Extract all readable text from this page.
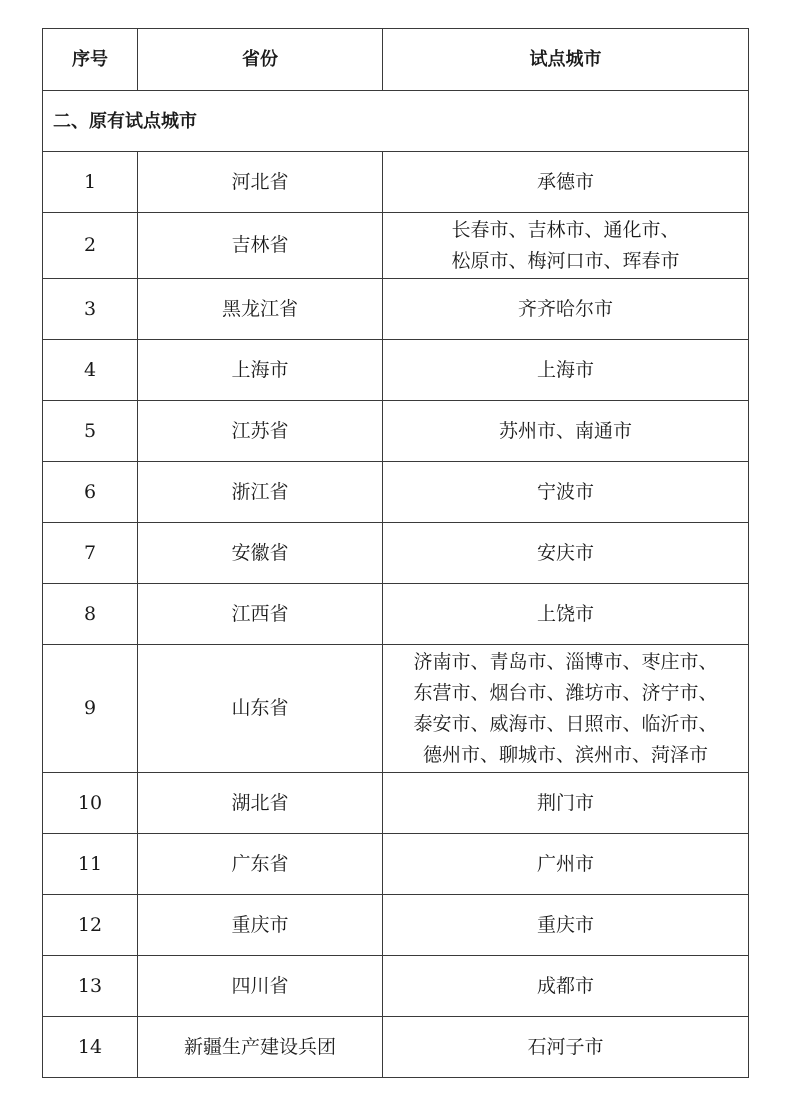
序号	省份	试点城市
二、原有试点城市		
1	河北省	承德市

2	吉林省	长春市、吉林市、通化市、
松原市、梅河口市、珲春市

3	黑龙江省	齐齐哈尔市

4	上海市	上海市

5	江苏省	苏州市、南通市

6	浙江省	宁波市

7	安徽省	安庆市

8	江西省	上饶市

9	山东省	济南市、青岛市、淄博市、枣庄市、
东营市、烟台市、潍坊市、济宁市、
泰安市、威海市、日照市、临沂市、
德州市、聊城市、滨州市、菏泽市

10	湖北省	荆门市

11	广东省	广州市

12	重庆市	重庆市

13	四川省	成都市

14	新疆生产建设兵团	石河子市
